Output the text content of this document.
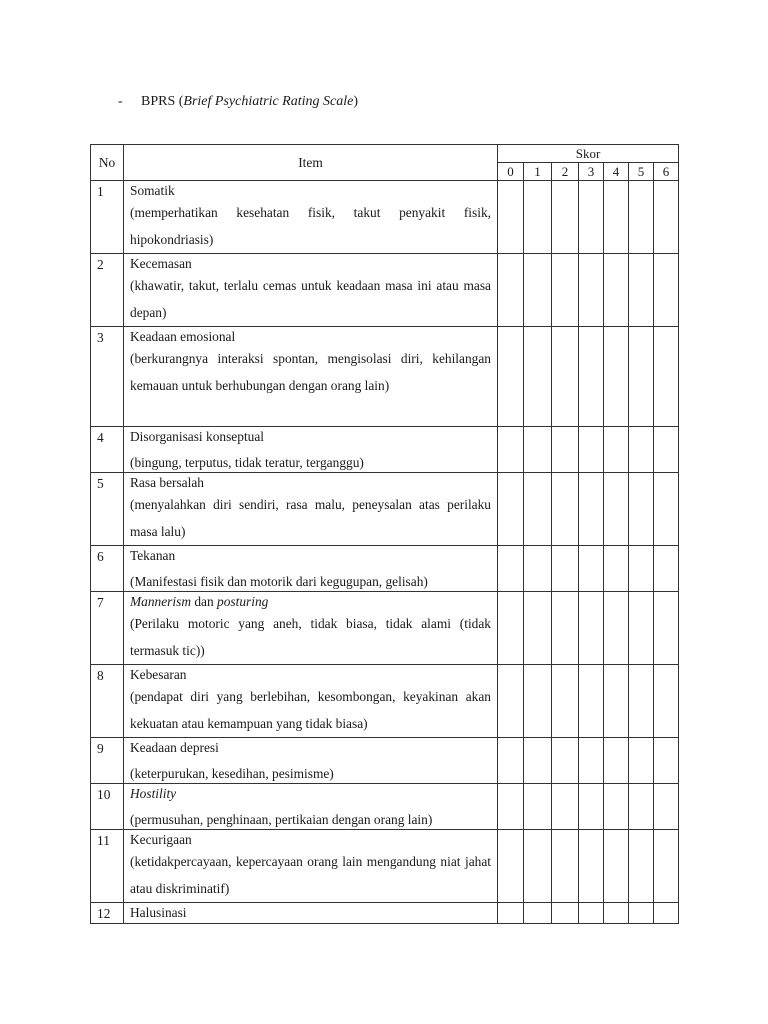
- BPRS (Brief Psychiatric Rating Scale)
No	Item	Skor						
		0	1	2	3	4	5	6
1	Somatik
(memperhatikan kesehatan fisik, takut penyakit fisik, hipokondriasis)							

2	Kecemasan
(khawatir, takut, terlalu cemas untuk keadaan masa ini atau masa depan)							

3	Keadaan emosional
(berkurangnya interaksi spontan, mengisolasi diri, kehilangan kemauan untuk berhubungan dengan orang lain)							

4	Disorganisasi konseptual
(bingung, terputus, tidak teratur, terganggu)							

5	Rasa bersalah
(menyalahkan diri sendiri, rasa malu, peneysalan atas perilaku masa lalu)							

6	Tekanan
(Manifestasi fisik dan motorik dari kegugupan, gelisah)							

7	Mannerism dan posturing
(Perilaku motoric yang aneh, tidak biasa, tidak alami (tidak termasuk tic))							

8	Kebesaran
(pendapat diri yang berlebihan, kesombongan, keyakinan akan kekuatan atau kemampuan yang tidak biasa)							

9	Keadaan depresi
(keterpurukan, kesedihan, pesimisme)							

10	Hostility
(permusuhan, penghinaan, pertikaian dengan orang lain)							

11	Kecurigaan
(ketidakpercayaan, kepercayaan orang lain mengandung niat jahat atau diskriminatif)							

12	Halusinasi							
